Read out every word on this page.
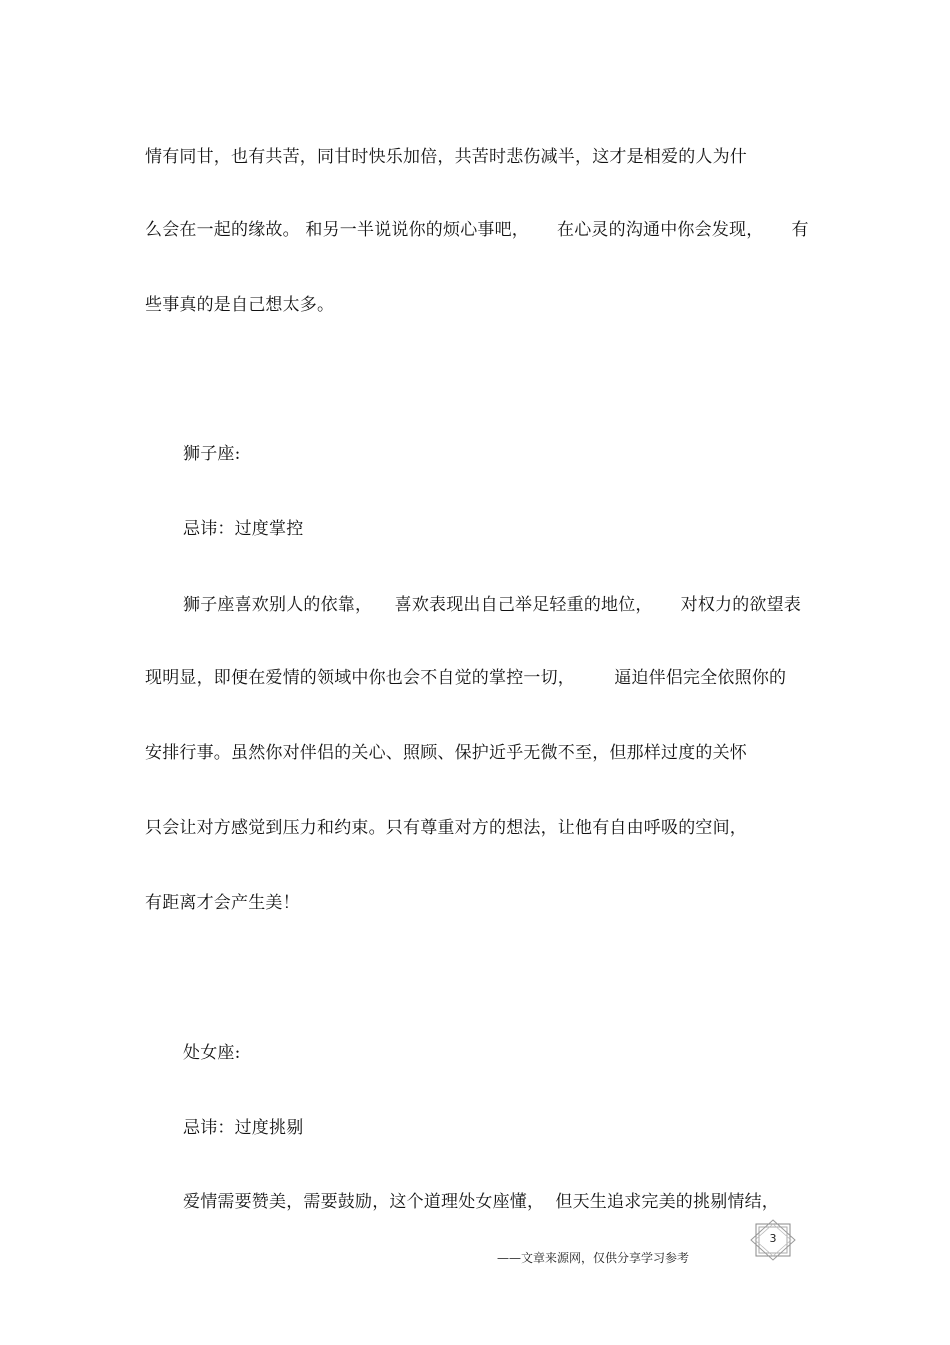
情有同甘，也有共苦，同甘时快乐加倍，共苦时悲伤减半，这才是相爱的人为什
么会在一起的缘故。 和另一半说说你的烦心事吧，     在心灵的沟通中你会发现，     有
些事真的是自己想太多。
狮子座:
忌讳：过度掌控
狮子座喜欢别人的依靠，    喜欢表现出自己举足轻重的地位，     对权力的欲望表
现明显，即便在爱情的领域中你也会不自觉的掌控一切，       逼迫伴侣完全依照你的
安排行事。虽然你对伴侣的关心、照顾、保护近乎无微不至，但那样过度的关怀
只会让对方感觉到压力和约束。只有尊重对方的想法，让他有自由呼吸的空间，
有距离才会产生美！
处女座:
忌讳：过度挑剔
爱情需要赞美，需要鼓励，这个道理处女座懂，  但天生追求完美的挑剔情结，
3
——文章来源网，仅供分享学习参考
